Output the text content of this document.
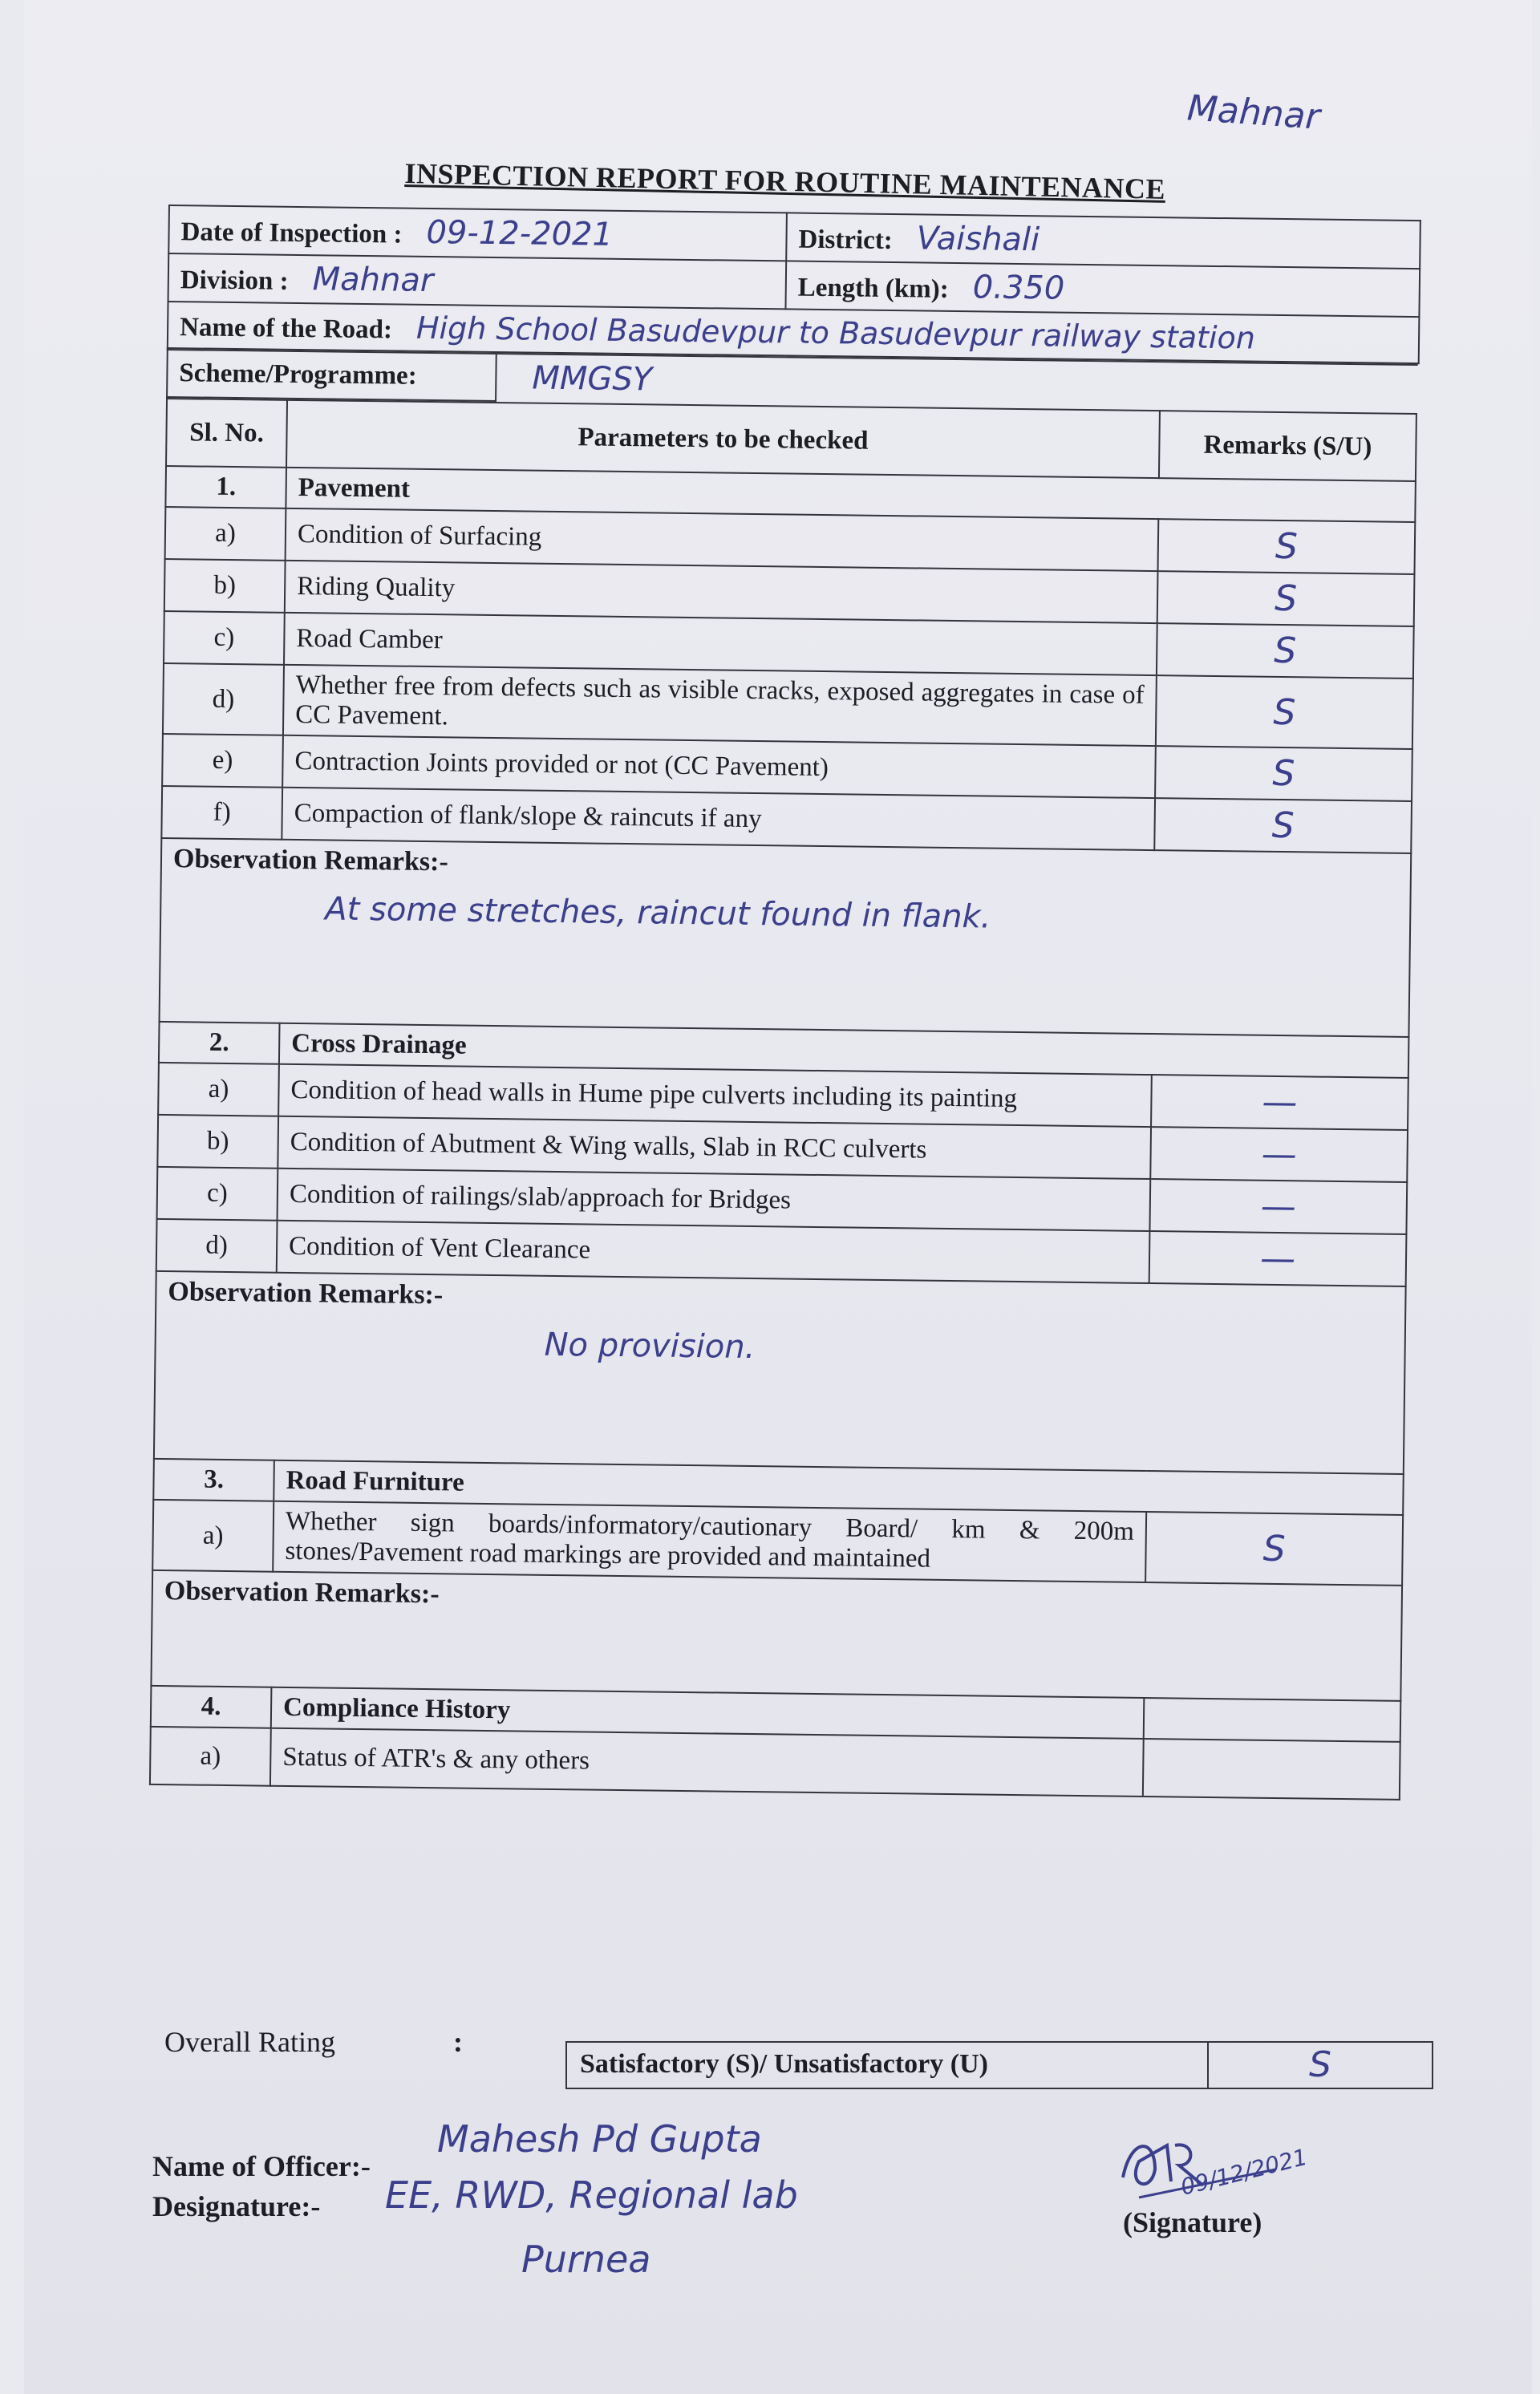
Mahnar
INSPECTION REPORT FOR ROUTINE MAINTENANCE
Date of Inspection : 09-12-2021	District: Vaishali
Division : Mahnar	Length (km): 0.350
Name of the Road: High School Basudevpur to Basudevpur railway station	
Scheme/Programme:	MMGSY
Sl. No.	Parameters to be checked	Remarks (S/U)
1.	Pavement	
a)	Condition of Surfacing	S
b)	Riding Quality	S
c)	Road Camber	S
d)	Whether free from defects such as visible cracks, exposed aggregates in case of CC Pavement.	S
e)	Contraction Joints provided or not (CC Pavement)	S
f)	Compaction of flank/slope & raincuts if any	S

Observation Remarks:-
At some stretches, raincut found in flank.		

2.	Cross Drainage	
a)	Condition of head walls in Hume pipe culverts including its painting	—
b)	Condition of Abutment & Wing walls, Slab in RCC culverts	—
c)	Condition of railings/slab/approach for Bridges	—
d)	Condition of Vent Clearance	—

Observation Remarks:-
No provision.		

3.	Road Furniture	
a)	Whether sign boards/informatory/cautionary Board/ km & 200m stones/Pavement road markings are provided and maintained	S

Observation Remarks:-		

4.	Compliance History	
a)	Status of ATR's & any others	
Overall Rating	:
Satisfactory (S)/ Unsatisfactory (U)	S
Name of Officer:-
Designature:-
Mahesh Pd Gupta
EE, RWD, Regional lab
Purnea
09/12/2021
(Signature)
